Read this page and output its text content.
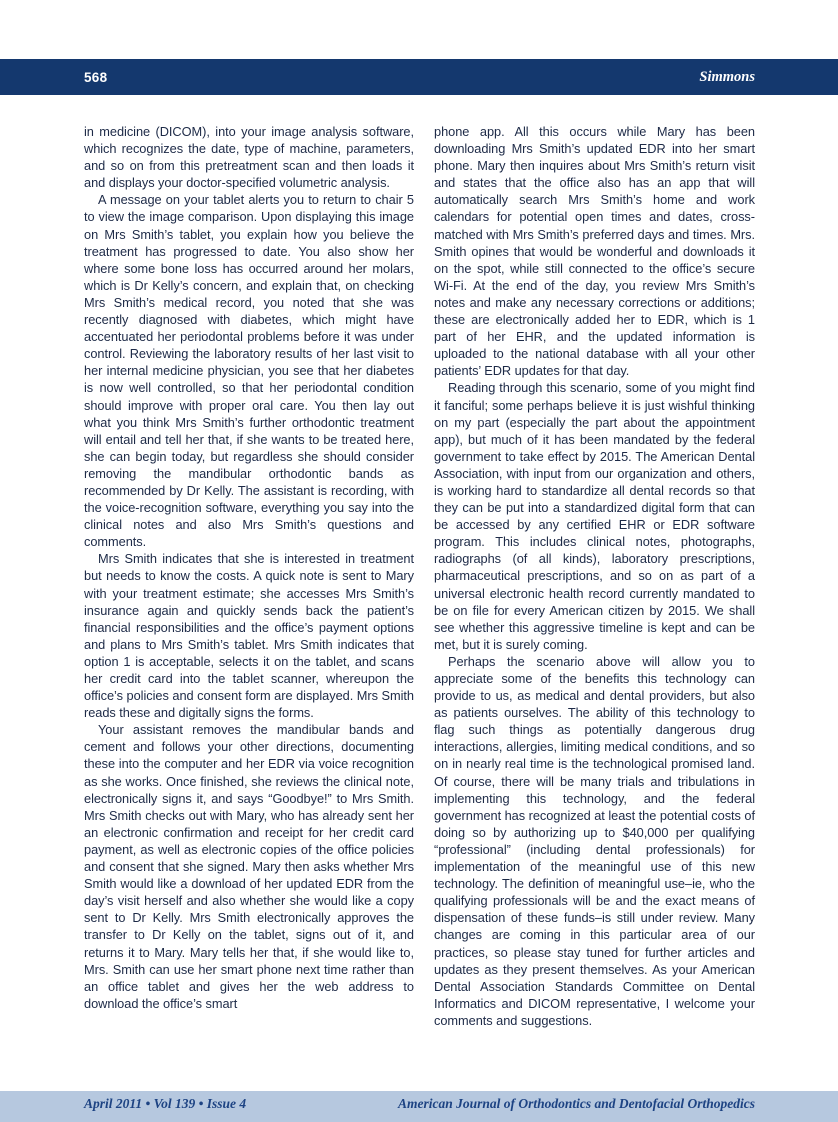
568	Simmons

in medicine (DICOM), into your image analysis software, which recognizes the date, type of machine, parameters, and so on from this pretreatment scan and then loads it and displays your doctor-specified volumetric analysis.

A message on your tablet alerts you to return to chair 5 to view the image comparison. Upon displaying this image on Mrs Smith’s tablet, you explain how you believe the treatment has progressed to date. You also show her where some bone loss has occurred around her molars, which is Dr Kelly’s concern, and explain that, on checking Mrs Smith’s medical record, you noted that she was recently diagnosed with diabetes, which might have accentuated her periodontal problems before it was under control. Reviewing the laboratory results of her last visit to her internal medicine physician, you see that her diabetes is now well controlled, so that her periodontal condition should improve with proper oral care. You then lay out what you think Mrs Smith’s further orthodontic treatment will entail and tell her that, if she wants to be treated here, she can begin today, but regardless she should consider removing the mandibular orthodontic bands as recommended by Dr Kelly. The assistant is recording, with the voice-recognition software, everything you say into the clinical notes and also Mrs Smith’s questions and comments.

Mrs Smith indicates that she is interested in treatment but needs to know the costs. A quick note is sent to Mary with your treatment estimate; she accesses Mrs Smith’s insurance again and quickly sends back the patient’s financial responsibilities and the office’s payment options and plans to Mrs Smith’s tablet. Mrs Smith indicates that option 1 is acceptable, selects it on the tablet, and scans her credit card into the tablet scanner, whereupon the office’s policies and consent form are displayed. Mrs Smith reads these and digitally signs the forms.

Your assistant removes the mandibular bands and cement and follows your other directions, documenting these into the computer and her EDR via voice recognition as she works. Once finished, she reviews the clinical note, electronically signs it, and says “Goodbye!” to Mrs Smith. Mrs Smith checks out with Mary, who has already sent her an electronic confirmation and receipt for her credit card payment, as well as electronic copies of the office policies and consent that she signed. Mary then asks whether Mrs Smith would like a download of her updated EDR from the day’s visit herself and also whether she would like a copy sent to Dr Kelly. Mrs Smith electronically approves the transfer to Dr Kelly on the tablet, signs out of it, and returns it to Mary. Mary tells her that, if she would like to, Mrs. Smith can use her smart phone next time rather than an office tablet and gives her the web address to download the office’s smart

phone app. All this occurs while Mary has been downloading Mrs Smith’s updated EDR into her smart phone. Mary then inquires about Mrs Smith’s return visit and states that the office also has an app that will automatically search Mrs Smith’s home and work calendars for potential open times and dates, cross-matched with Mrs Smith’s preferred days and times. Mrs. Smith opines that would be wonderful and downloads it on the spot, while still connected to the office’s secure Wi-Fi. At the end of the day, you review Mrs Smith’s notes and make any necessary corrections or additions; these are electronically added her to EDR, which is 1 part of her EHR, and the updated information is uploaded to the national database with all your other patients’ EDR updates for that day.

Reading through this scenario, some of you might find it fanciful; some perhaps believe it is just wishful thinking on my part (especially the part about the appointment app), but much of it has been mandated by the federal government to take effect by 2015. The American Dental Association, with input from our organization and others, is working hard to standardize all dental records so that they can be put into a standardized digital form that can be accessed by any certified EHR or EDR software program. This includes clinical notes, photographs, radiographs (of all kinds), laboratory prescriptions, pharmaceutical prescriptions, and so on as part of a universal electronic health record currently mandated to be on file for every American citizen by 2015. We shall see whether this aggressive timeline is kept and can be met, but it is surely coming.

Perhaps the scenario above will allow you to appreciate some of the benefits this technology can provide to us, as medical and dental providers, but also as patients ourselves. The ability of this technology to flag such things as potentially dangerous drug interactions, allergies, limiting medical conditions, and so on in nearly real time is the technological promised land. Of course, there will be many trials and tribulations in implementing this technology, and the federal government has recognized at least the potential costs of doing so by authorizing up to $40,000 per qualifying “professional” (including dental professionals) for implementation of the meaningful use of this new technology. The definition of meaningful use–ie, who the qualifying professionals will be and the exact means of dispensation of these funds–is still under review. Many changes are coming in this particular area of our practices, so please stay tuned for further articles and updates as they present themselves. As your American Dental Association Standards Committee on Dental Informatics and DICOM representative, I welcome your comments and suggestions.

April 2011 • Vol 139 • Issue 4	American Journal of Orthodontics and Dentofacial Orthopedics
